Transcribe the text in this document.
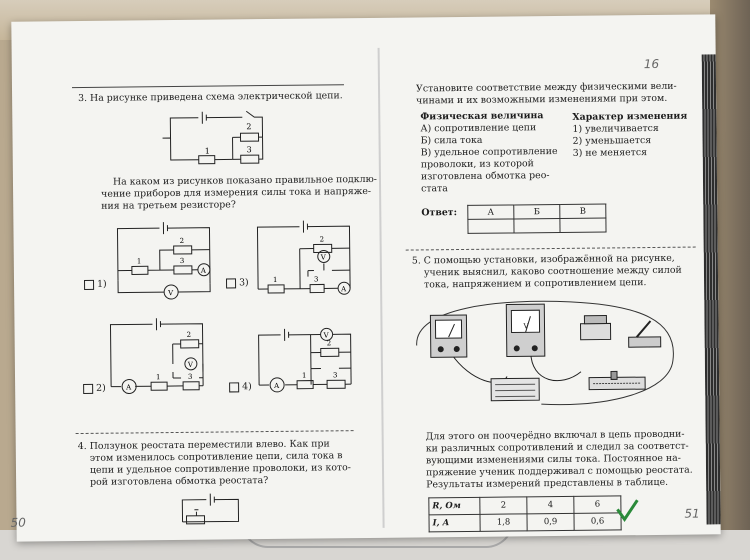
3. На рисунке приведена схема электрической цепи.
2
1	3
На каком из рисунков показано правильное подклю-
чение приборов для измерения силы тока и напряже-
ния на третьем резисторе?
1)
A
V
2
1	3
3)
V
A
2
1	3
2)
V
A
2
1	3
4)
V
A
2
1	3
4. Ползунок реостата переместили влево. Как при
этом изменилось сопротивление цепи, сила тока в
цепи и удельное сопротивление проволоки, из кото-
рой изготовлена обмотка реостата?
50
16
Установите соответствие между физическими вели-
чинами и их возможными изменениями при этом.
Физическая величина
А) сопротивление цепи
Б) сила тока
В) удельное сопротивление
проволоки, из которой
изготовлена обмотка рео-
стата
Характер изменения
1) увеличивается
2) уменьшается
3) не меняется
Ответ:	А	Б	В

5. С помощью установки, изображённой на рисунке,
ученик выяснил, каково соотношение между силой
тока, напряжением и сопротивлением цепи.
V
Для этого он поочерёдно включал в цепь проводни-
ки различных сопротивлений и следил за соответст-
вующими изменениями силы тока. Постоянное на-
пряжение ученик поддерживал с помощью реостата.
Результаты измерений представлены в таблице.
R, Ом	2	4	6
I, А	1,8	0,9	0,6
51
